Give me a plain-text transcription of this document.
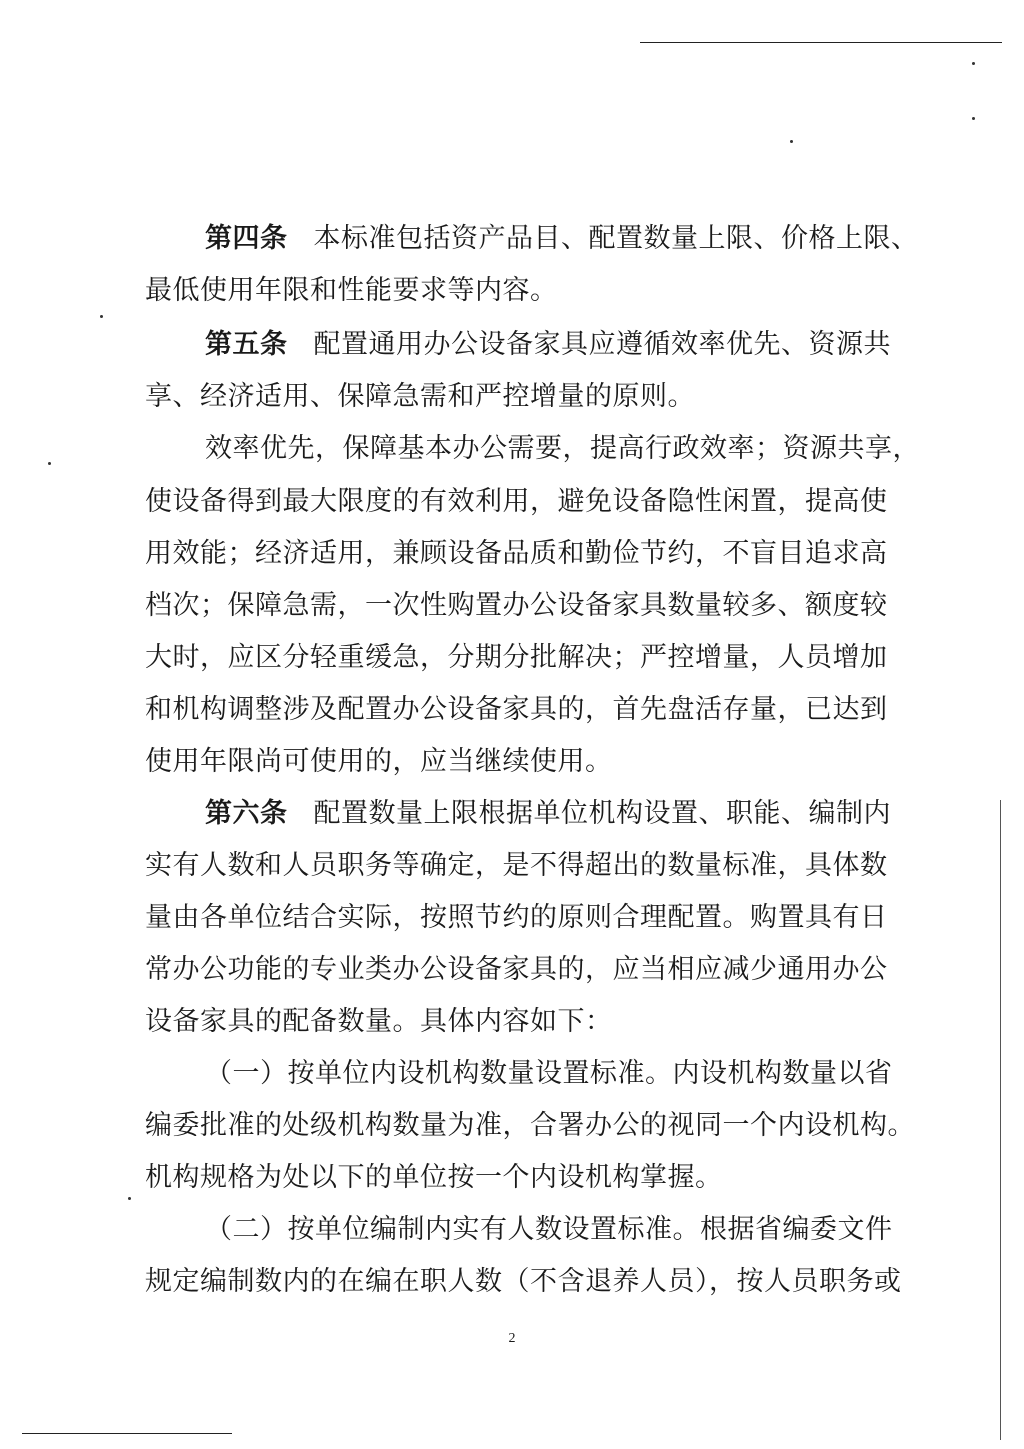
第四条 本标准包括资产品目、配置数量上限、价格上限、
最低使用年限和性能要求等内容。
第五条 配置通用办公设备家具应遵循效率优先、资源共
享、经济适用、保障急需和严控增量的原则。
效率优先，保障基本办公需要，提高行政效率；资源共享，
使设备得到最大限度的有效利用，避免设备隐性闲置，提高使
用效能；经济适用，兼顾设备品质和勤俭节约，不盲目追求高
档次；保障急需，一次性购置办公设备家具数量较多、额度较
大时，应区分轻重缓急，分期分批解决；严控增量，人员增加
和机构调整涉及配置办公设备家具的，首先盘活存量，已达到
使用年限尚可使用的，应当继续使用。
第六条 配置数量上限根据单位机构设置、职能、编制内
实有人数和人员职务等确定，是不得超出的数量标准，具体数
量由各单位结合实际，按照节约的原则合理配置。购置具有日
常办公功能的专业类办公设备家具的，应当相应减少通用办公
设备家具的配备数量。具体内容如下：
（一）按单位内设机构数量设置标准。内设机构数量以省
编委批准的处级机构数量为准，合署办公的视同一个内设机构。
机构规格为处以下的单位按一个内设机构掌握。
（二）按单位编制内实有人数设置标准。根据省编委文件
规定编制数内的在编在职人数（不含退养人员），按人员职务或
2
